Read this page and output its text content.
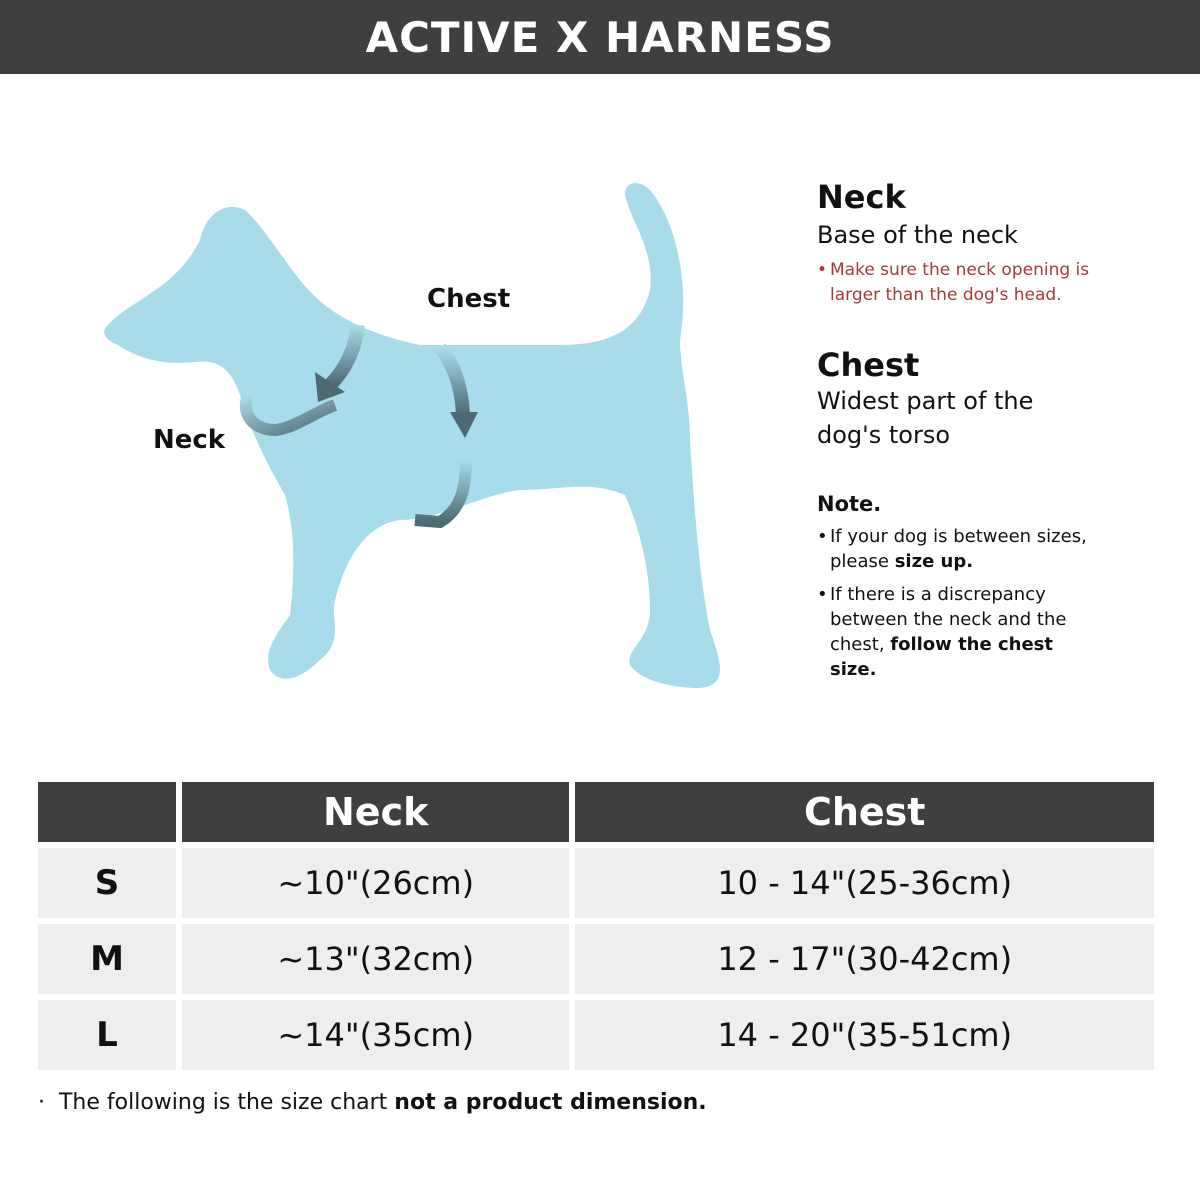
ACTIVE X HARNESS
Chest
Neck

Neck

Base of the neck

• Make sure the neck opening is larger than the dog's head.

Chest

Widest part of the

dog's torso

Note.

• If your dog is between sizes, please size up.
• If there is a discrepancy between the neck and the chest, follow the chest size.
	Neck	Chest
S	~10"(26cm)	10 - 14"(25-36cm)
M	~13"(32cm)	12 - 17"(30-42cm)
L	~14"(35cm)	14 - 20"(35-51cm)
·  The following is the size chart not a product dimension.
